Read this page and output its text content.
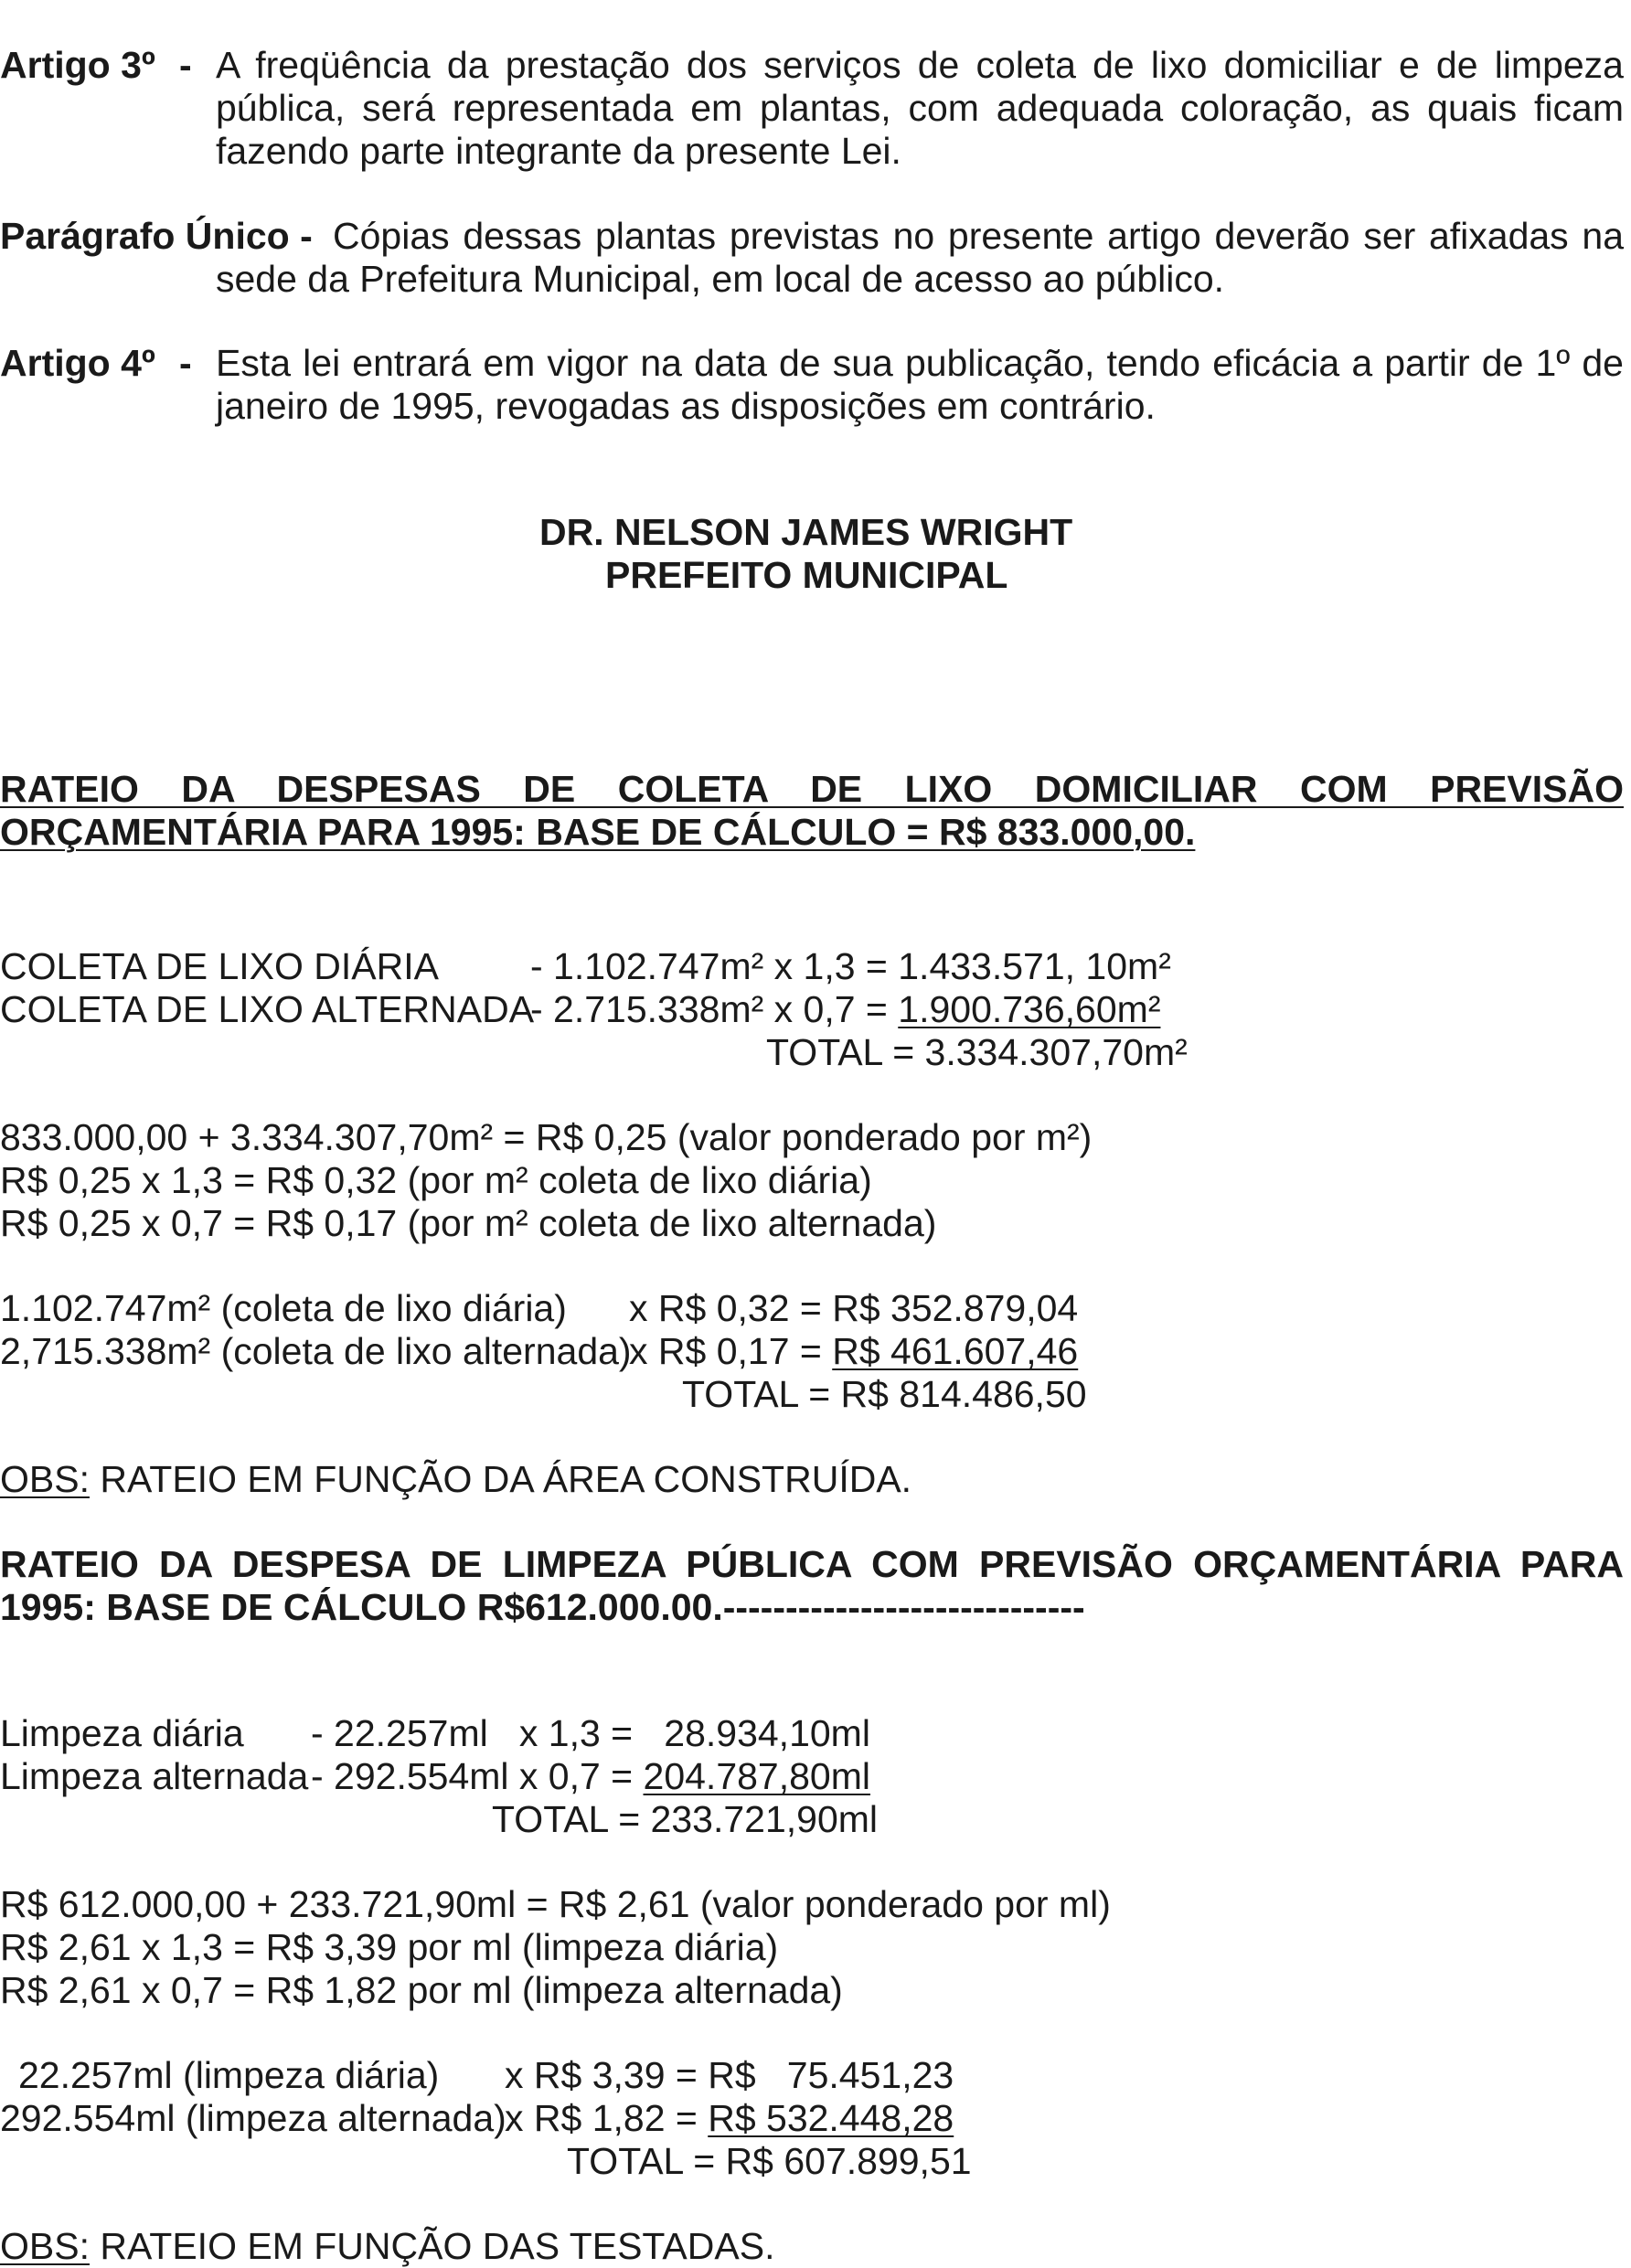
Artigo 3º - A freqüência da prestação dos serviços de coleta de lixo domiciliar e de limpeza
pública, será representada em plantas, com adequada coloração, as quais ficam
fazendo parte integrante da presente Lei.
Parágrafo Único - Cópias dessas plantas previstas no presente artigo deverão ser afixadas na
sede da Prefeitura Municipal, em local de acesso ao público.
Artigo 4º - Esta lei entrará em vigor na data de sua publicação, tendo eficácia a partir de 1º de
janeiro de 1995, revogadas as disposições em contrário.
DR. NELSON JAMES WRIGHT
PREFEITO MUNICIPAL
RATEIO DA DESPESAS DE COLETA DE LIXO DOMICILIAR COM PREVISÃO
ORÇAMENTÁRIA PARA 1995: BASE DE CÁLCULO = R$ 833.000,00.
COLETA DE LIXO DIÁRIA - 1.102.747m² x 1,3 = 1.433.571, 10m²
COLETA DE LIXO ALTERNADA
- 2.715.338m² x 0,7 = 1.900.736,60m²
TOTAL = 3.334.307,70m²
833.000,00 + 3.334.307,70m² = R$ 0,25 (valor ponderado por m²)
R$ 0,25 x 1,3 = R$ 0,32 (por m² coleta de lixo diária)
R$ 0,25 x 0,7 = R$ 0,17 (por m² coleta de lixo alternada)
1.102.747m² (coleta de lixo diária) x R$ 0,32 = R$ 352.879,04
2,715.338m² (coleta de lixo alternada)
x R$ 0,17 = R$ 461.607,46
TOTAL = R$ 814.486,50
OBS: RATEIO EM FUNÇÃO DA ÁREA CONSTRUÍDA.
RATEIO DA DESPESA DE LIMPEZA PÚBLICA COM PREVISÃO ORÇAMENTÁRIA PARA
1995: BASE DE CÁLCULO R$612.000.00.-----------------------------
Limpeza diária - 22.257ml   x 1,3 =   28.934,10ml
Limpeza alternada - 292.554ml x 0,7 = 204.787,80ml
TOTAL = 233.721,90ml
R$ 612.000,00 + 233.721,90ml = R$ 2,61 (valor ponderado por ml)
R$ 2,61 x 1,3 = R$ 3,39 por ml (limpeza diária)
R$ 2,61 x 0,7 = R$ 1,82 por ml (limpeza alternada)
22.257ml (limpeza diária) x R$ 3,39 = R$   75.451,23
292.554ml (limpeza alternada)
x R$ 1,82 = R$ 532.448,28
TOTAL = R$ 607.899,51
OBS: RATEIO EM FUNÇÃO DAS TESTADAS.
